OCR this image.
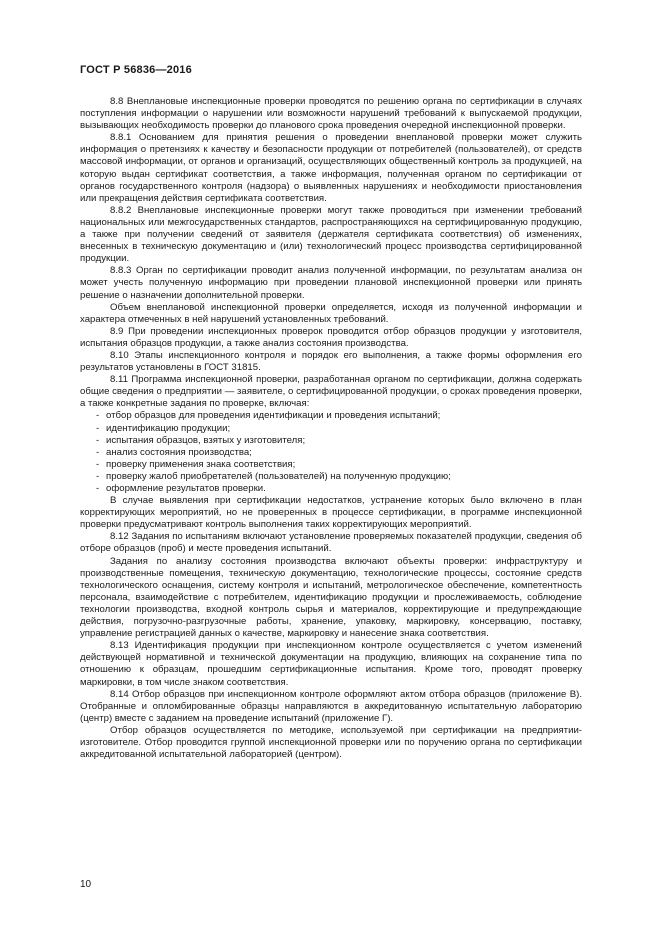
ГОСТ Р 56836—2016

8.8 Внеплановые инспекционные проверки проводятся по решению органа по сертификации в случаях поступления информации о нарушении или возможности нарушений требований к выпускаемой продукции, вызывающих необходимость проверки до планового срока проведения очередной инспекционной проверки.

8.8.1 Основанием для принятия решения о проведении внеплановой проверки может служить информация о претензиях к качеству и безопасности продукции от потребителей (пользователей), от средств массовой информации, от органов и организаций, осуществляющих общественный контроль за продукцией, на которую выдан сертификат соответствия, а также информация, полученная органом по сертификации от органов государственного контроля (надзора) о выявленных нарушениях и необходимости приостановления или прекращения действия сертификата соответствия.

8.8.2 Внеплановые инспекционные проверки могут также проводиться при изменении требований национальных или межгосударственных стандартов, распространяющихся на сертифицированную продукцию, а также при получении сведений от заявителя (держателя сертификата соответствия) об изменениях, внесенных в техническую документацию и (или) технологический процесс производства сертифицированной продукции.

8.8.3 Орган по сертификации проводит анализ полученной информации, по результатам анализа он может учесть полученную информацию при проведении плановой инспекционной проверки или принять решение о назначении дополнительной проверки.

Объем внеплановой инспекционной проверки определяется, исходя из полученной информации и характера отмеченных в ней нарушений установленных требований.

8.9 При проведении инспекционных проверок проводится отбор образцов продукции у изготовителя, испытания образцов продукции, а также анализ состояния производства.

8.10 Этапы инспекционного контроля и порядок его выполнения, а также формы оформления его результатов установлены в ГОСТ 31815.

8.11 Программа инспекционной проверки, разработанная органом по сертификации, должна содержать общие сведения о предприятии — заявителе, о сертифицированной продукции, о сроках проведения проверки, а также конкретные задания по проверке, включая:

- отбор образцов для проведения идентификации и проведения испытаний;
- идентификацию продукции;
- испытания образцов, взятых у изготовителя;
- анализ состояния производства;
- проверку применения знака соответствия;
- проверку жалоб приобретателей (пользователей) на полученную продукцию;
- оформление результатов проверки.

В случае выявления при сертификации недостатков, устранение которых было включено в план корректирующих мероприятий, но не проверенных в процессе сертификации, в программе инспекционной проверки предусматривают контроль выполнения таких корректирующих мероприятий.

8.12 Задания по испытаниям включают установление проверяемых показателей продукции, сведения об отборе образцов (проб) и месте проведения испытаний.

Задания по анализу состояния производства включают объекты проверки: инфраструктуру и производственные помещения, техническую документацию, технологические процессы, состояние средств технологического оснащения, систему контроля и испытаний, метрологическое обеспечение, компетентность персонала, взаимодействие с потребителем, идентификацию продукции и прослеживаемость, соблюдение технологии производства, входной контроль сырья и материалов, корректирующие и предупреждающие действия, погрузочно-разгрузочные работы, хранение, упаковку, маркировку, консервацию, поставку, управление регистрацией данных о качестве, маркировку и нанесение знака соответствия.

8.13 Идентификация продукции при инспекционном контроле осуществляется с учетом изменений действующей нормативной и технической документации на продукцию, влияющих на сохранение типа по отношению к образцам, прошедшим сертификационные испытания. Кроме того, проводят проверку маркировки, в том числе знаком соответствия.

8.14 Отбор образцов при инспекционном контроле оформляют актом отбора образцов (приложение В). Отобранные и опломбированные образцы направляются в аккредитованную испытательную лабораторию (центр) вместе с заданием на проведение испытаний (приложение Г).

Отбор образцов осуществляется по методике, используемой при сертификации на предприятии-изготовителе. Отбор проводится группой инспекционной проверки или по поручению органа по сертификации аккредитованной испытательной лабораторией (центром).

10
